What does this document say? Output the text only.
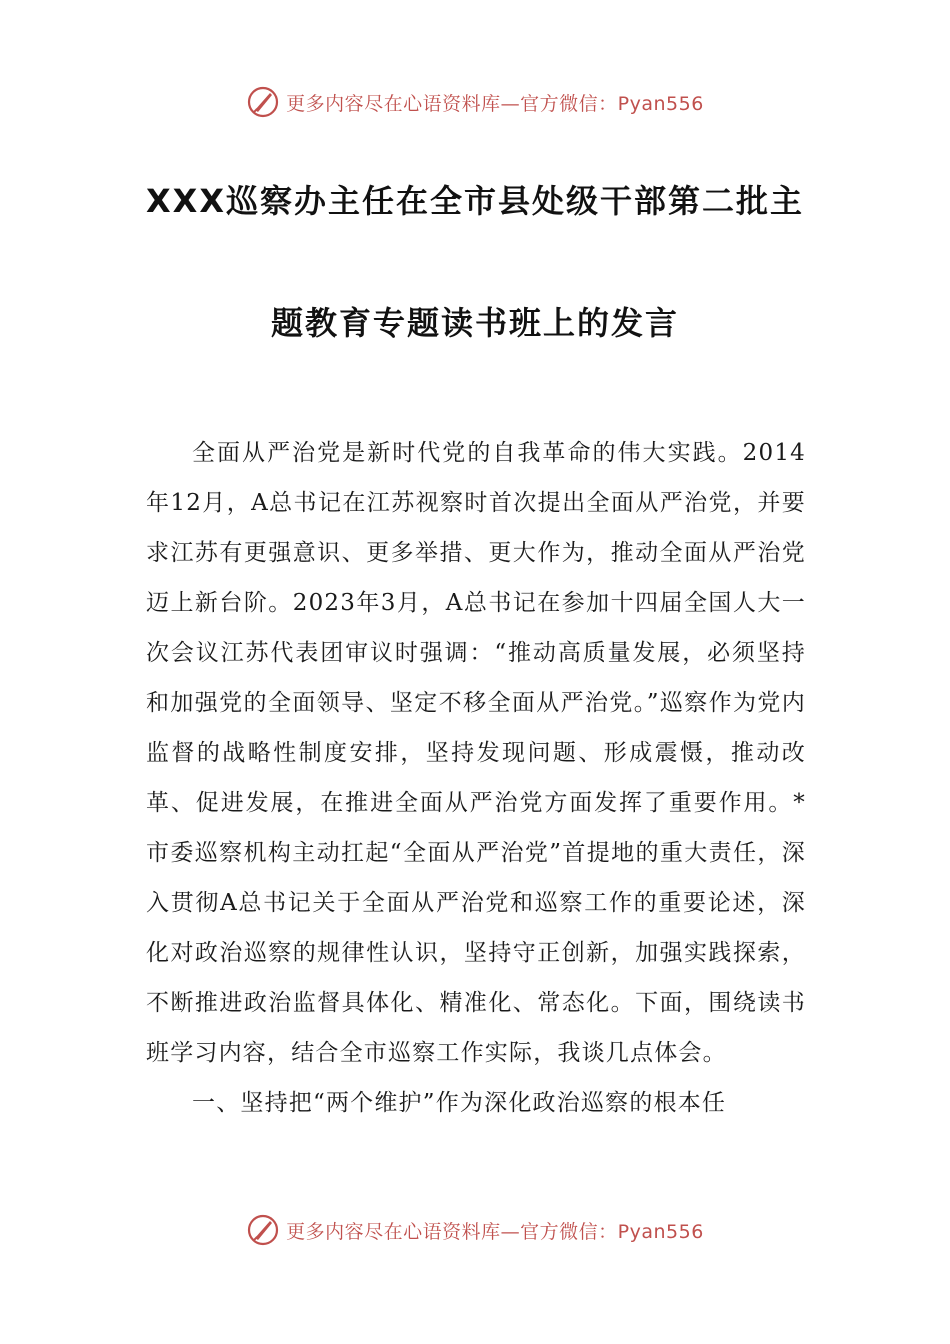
更多内容尽在心语资料库—官方微信：Pyan556
XXX巡察办主任在全市县处级干部第二批主
题教育专题读书班上的发言

全面从严治党是新时代党的自我革命的伟大实践。2014年12月，A总书记在江苏视察时首次提出全面从严治党，并要求江苏有更强意识、更多举措、更大作为，推动全面从严治党迈上新台阶。2023年3月，A总书记在参加十四届全国人大一次会议江苏代表团审议时强调：“推动高质量发展，必须坚持和加强党的全面领导、坚定不移全面从严治党。”巡察作为党内监督的战略性制度安排，坚持发现问题、形成震慑，推动改革、促进发展，在推进全面从严治党方面发挥了重要作用。*市委巡察机构主动扛起“全面从严治党”首提地的重大责任，深入贯彻A总书记关于全面从严治党和巡察工作的重要论述，深化对政治巡察的规律性认识，坚持守正创新，加强实践探索，不断推进政治监督具体化、精准化、常态化。下面，围绕读书班学习内容，结合全市巡察工作实际，我谈几点体会。

一、坚持把“两个维护”作为深化政治巡察的根本任

更多内容尽在心语资料库—官方微信：Pyan556
